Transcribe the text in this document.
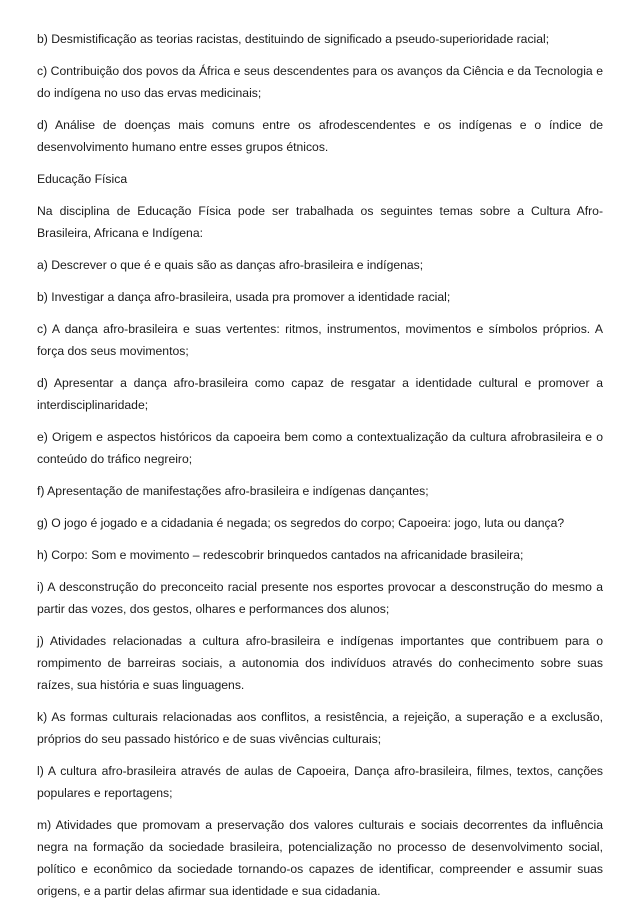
b) Desmistificação as teorias racistas, destituindo de significado a pseudo-superioridade racial;

c) Contribuição dos povos da África e seus descendentes para os avanços da Ciência e da Tecnologia e do indígena no uso das ervas medicinais;

d) Análise de doenças mais comuns entre os afrodescendentes e os indígenas e o índice de desenvolvimento humano entre esses grupos étnicos.

Educação Física

Na disciplina de Educação Física pode ser trabalhada os seguintes temas sobre a Cultura Afro-Brasileira, Africana e Indígena:

a) Descrever o que é e quais são as danças afro-brasileira e indígenas;

b) Investigar a dança afro-brasileira, usada pra promover a identidade racial;

c) A dança afro-brasileira e suas vertentes: ritmos, instrumentos, movimentos e símbolos próprios. A força dos seus movimentos;

d) Apresentar a dança afro-brasileira como capaz de resgatar a identidade cultural e promover a interdisciplinaridade;

e) Origem e aspectos históricos da capoeira bem como a contextualização da cultura afrobrasileira e o conteúdo do tráfico negreiro;

f) Apresentação de manifestações afro-brasileira e indígenas dançantes;

g) O jogo é jogado e a cidadania é negada; os segredos do corpo; Capoeira: jogo, luta ou dança?

h) Corpo: Som e movimento – redescobrir brinquedos cantados na africanidade brasileira;

i) A desconstrução do preconceito racial presente nos esportes provocar a desconstrução do mesmo a partir das vozes, dos gestos, olhares e performances dos alunos;

j) Atividades relacionadas a cultura afro-brasileira e indígenas importantes que contribuem para o rompimento de barreiras sociais, a autonomia dos indivíduos através do conhecimento sobre suas raízes, sua história e suas linguagens.

k) As formas culturais relacionadas aos conflitos, a resistência, a rejeição, a superação e a exclusão, próprios do seu passado histórico e de suas vivências culturais;

l) A cultura afro-brasileira através de aulas de Capoeira, Dança afro-brasileira, filmes, textos, canções populares e reportagens;

m) Atividades que promovam a preservação dos valores culturais e sociais decorrentes da influência negra na formação da sociedade brasileira, potencialização no processo de desenvolvimento social, político e econômico da sociedade tornando-os capazes de identificar, compreender e assumir suas origens, e a partir delas afirmar sua identidade e sua cidadania.
